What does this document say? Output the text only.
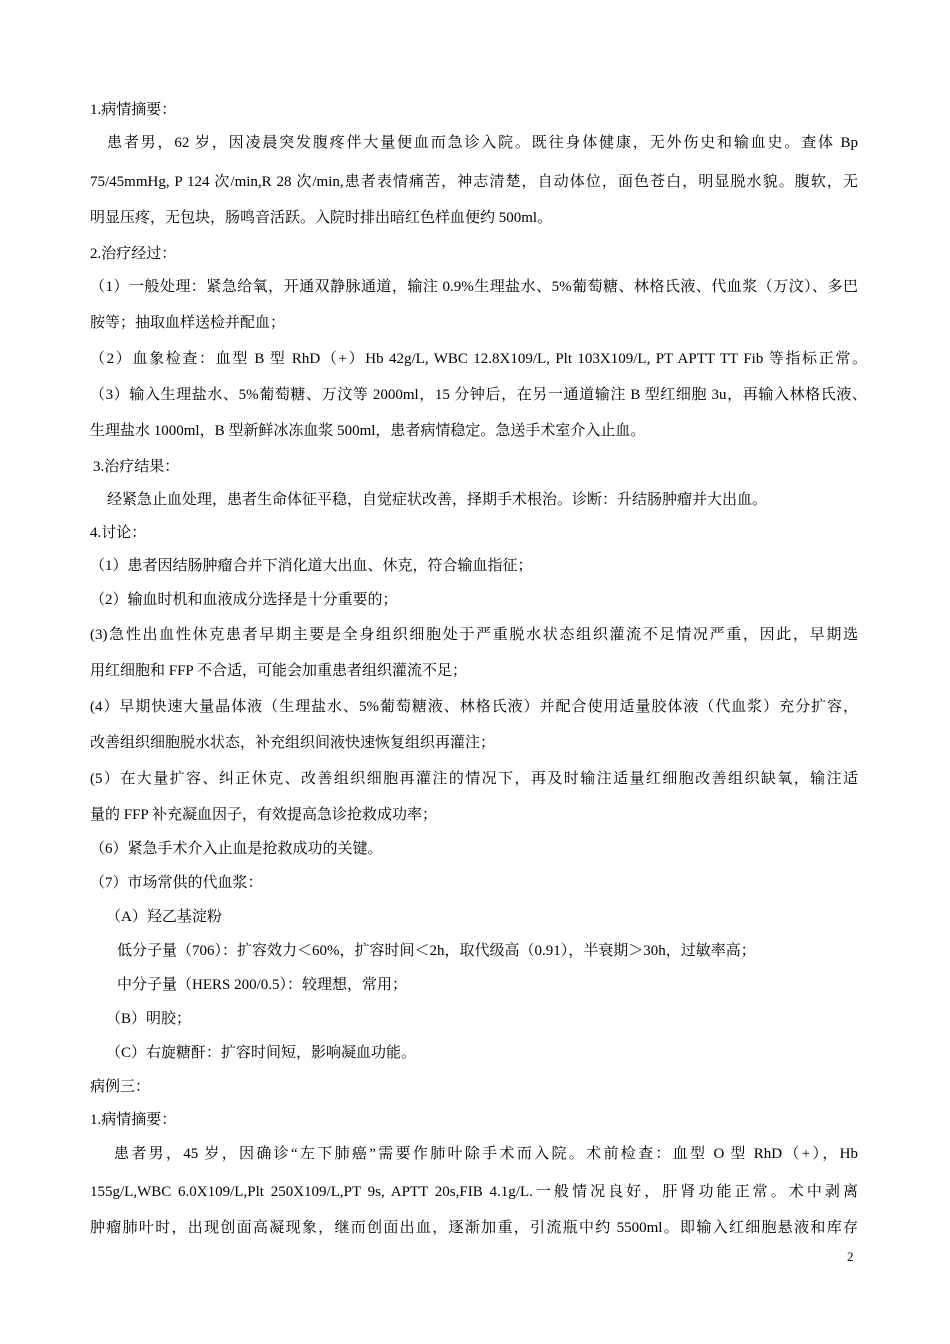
1.病情摘要：
患者男，62 岁，因凌晨突发腹疼伴大量便血而急诊入院。既往身体健康，无外伤史和输血史。查体 Bp
75/45mmHg, P 124 次/min,R 28 次/min,患者表情痛苦，神志清楚，自动体位，面色苍白，明显脱水貌。腹软，无
明显压疼，无包块，肠鸣音活跃。入院时排出暗红色样血便约 500ml。
2.治疗经过：
（1）一般处理：紧急给氧，开通双静脉通道，输注 0.9%生理盐水、5%葡萄糖、林格氏液、代血浆（万汶）、多巴
胺等；抽取血样送检并配血；
（2）血象检查：血型 B 型 RhD（+）Hb 42g/L, WBC 12.8X109/L, Plt 103X109/L, PT APTT TT Fib 等指标正常。
（3）输入生理盐水、5%葡萄糖、万汶等 2000ml，15 分钟后，在另一通道输注 B 型红细胞 3u，再输入林格氏液、
生理盐水 1000ml，B 型新鲜冰冻血浆 500ml，患者病情稳定。急送手术室介入止血。
3.治疗结果：
经紧急止血处理，患者生命体征平稳，自觉症状改善，择期手术根治。诊断：升结肠肿瘤并大出血。
4.讨论：
（1）患者因结肠肿瘤合并下消化道大出血、休克，符合输血指征；
（2）输血时机和血液成分选择是十分重要的；
(3)急性出血性休克患者早期主要是全身组织细胞处于严重脱水状态组织灌流不足情况严重，因此，早期选
用红细胞和 FFP 不合适，可能会加重患者组织灌流不足；
(4）早期快速大量晶体液（生理盐水、5%葡萄糖液、林格氏液）并配合使用适量胶体液（代血浆）充分扩容，
改善组织细胞脱水状态，补充组织间液快速恢复组织再灌注；
(5）在大量扩容、纠正休克、改善组织细胞再灌注的情况下，再及时输注适量红细胞改善组织缺氧，输注适
量的 FFP 补充凝血因子，有效提高急诊抢救成功率；
（6）紧急手术介入止血是抢救成功的关键。
（7）市场常供的代血浆：
（A）羟乙基淀粉
低分子量（706）：扩容效力＜60%，扩容时间＜2h，取代级高（0.91），半衰期＞30h，过敏率高；
中分子量（HERS 200/0.5）：较理想，常用；
（B）明胶；
（C）右旋糖酐：扩容时间短，影响凝血功能。
病例三：
1.病情摘要：
患者男，45 岁，因确诊“左下肺癌”需要作肺叶除手术而入院。术前检查：血型 O 型 RhD（+），Hb
155g/L,WBC 6.0X109/L,Plt 250X109/L,PT 9s, APTT 20s,FIB 4.1g/L.一般情况良好，肝肾功能正常。术中剥离
肿瘤肺叶时，出现创面高凝现象，继而创面出血，逐渐加重，引流瓶中约 5500ml。即输入红细胞悬液和库存
2
